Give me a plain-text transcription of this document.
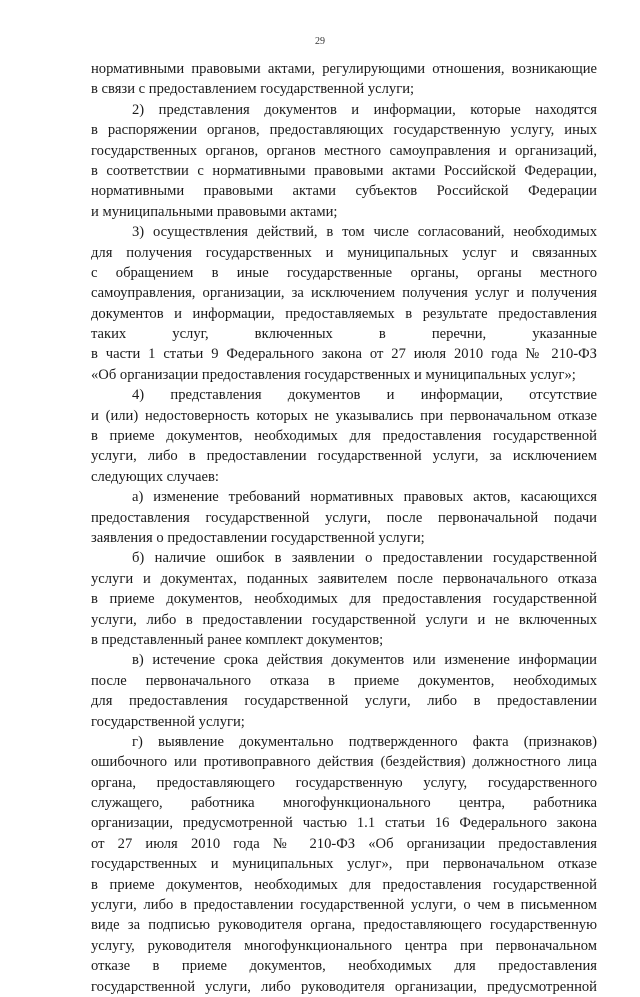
29
нормативными правовыми актами, регулирующими отношения, возникающие
в связи с предоставлением государственной услуги;
2) представления документов и информации, которые находятся
в распоряжении органов, предоставляющих государственную услугу, иных
государственных органов, органов местного самоуправления и организаций,
в соответствии с нормативными правовыми актами Российской Федерации,
нормативными правовыми актами субъектов Российской Федерации
и муниципальными правовыми актами;
3) осуществления действий, в том числе согласований, необходимых
для получения государственных и муниципальных услуг и связанных
с обращением в иные государственные органы, органы местного
самоуправления, организации, за исключением получения услуг и получения
документов и информации, предоставляемых в результате предоставления
таких услуг, включенных в перечни, указанные
в части 1 статьи 9 Федерального закона от 27 июля 2010 года № 210-ФЗ
«Об организации предоставления государственных и муниципальных услуг»;
4) представления документов и информации, отсутствие
и (или) недостоверность которых не указывались при первоначальном отказе
в приеме документов, необходимых для предоставления государственной
услуги, либо в предоставлении государственной услуги, за исключением
следующих случаев:
а) изменение требований нормативных правовых актов, касающихся
предоставления государственной услуги, после первоначальной подачи
заявления о предоставлении государственной услуги;
б) наличие ошибок в заявлении о предоставлении государственной
услуги и документах, поданных заявителем после первоначального отказа
в приеме документов, необходимых для предоставления государственной
услуги, либо в предоставлении государственной услуги и не включенных
в представленный ранее комплект документов;
в) истечение срока действия документов или изменение информации
после первоначального отказа в приеме документов, необходимых
для предоставления государственной услуги, либо в предоставлении
государственной услуги;
г) выявление документально подтвержденного факта (признаков)
ошибочного или противоправного действия (бездействия) должностного лица
органа, предоставляющего государственную услугу, государственного
служащего, работника многофункционального центра, работника
организации, предусмотренной частью 1.1 статьи 16 Федерального закона
от 27 июля 2010 года № 210-ФЗ «Об организации предоставления
государственных и муниципальных услуг», при первоначальном отказе
в приеме документов, необходимых для предоставления государственной
услуги, либо в предоставлении государственной услуги, о чем в письменном
виде за подписью руководителя органа, предоставляющего государственную
услугу, руководителя многофункционального центра при первоначальном
отказе в приеме документов, необходимых для предоставления
государственной услуги, либо руководителя организации, предусмотренной
